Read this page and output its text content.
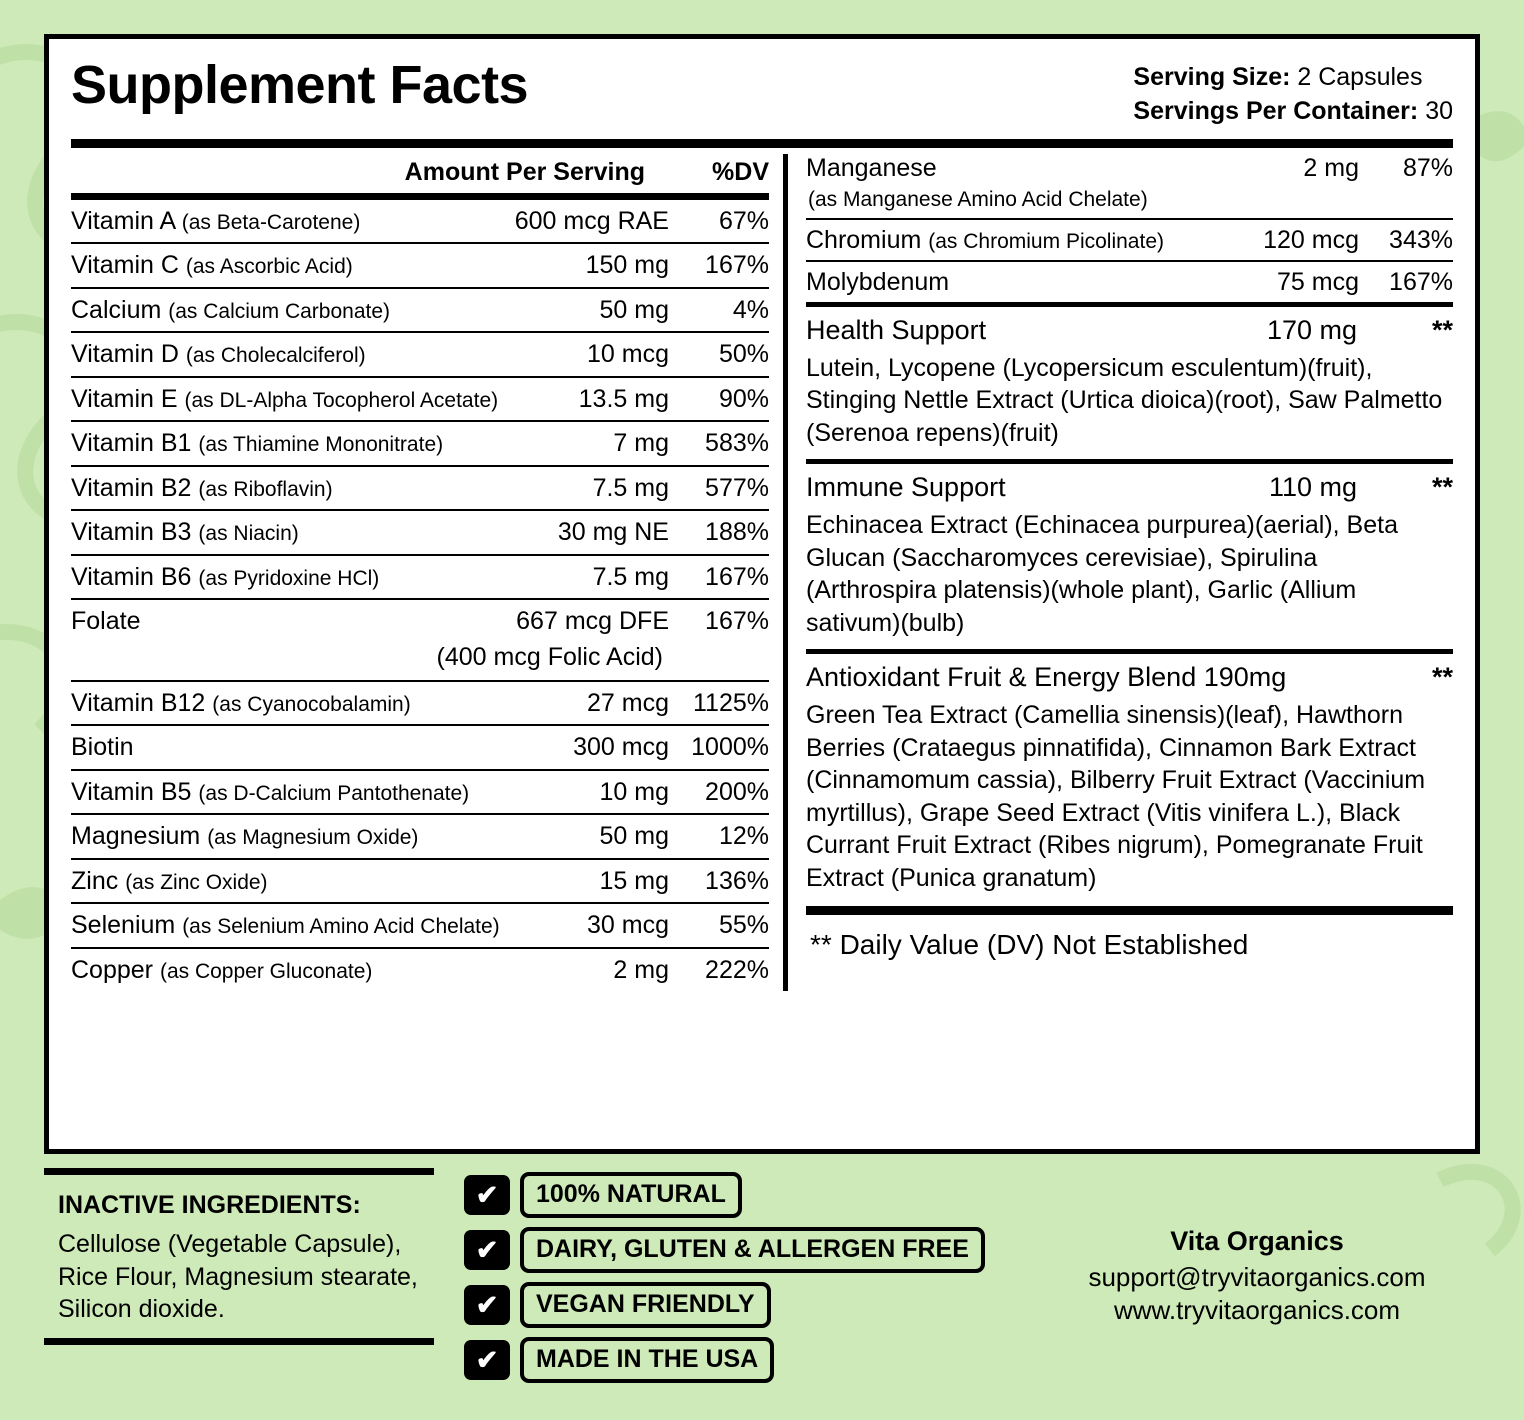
Supplement Facts	Serving Size: 2 Capsules
Servings Per Container: 30
Amount Per Serving	%DV
Vitamin A (as Beta-Carotene)	600 mcg RAE	67%
Vitamin C (as Ascorbic Acid)	150 mg	167%
Calcium (as Calcium Carbonate)	50 mg	4%
Vitamin D (as Cholecalciferol)	10 mcg	50%
Vitamin E (as DL-Alpha Tocopherol Acetate)	13.5 mg	90%
Vitamin B1 (as Thiamine Mononitrate)	7 mg	583%
Vitamin B2 (as Riboflavin)	7.5 mg	577%
Vitamin B3 (as Niacin)	30 mg NE	188%
Vitamin B6 (as Pyridoxine HCl)	7.5 mg	167%
Folate	667 mcg DFE	167%
(400 mcg Folic Acid)
Vitamin B12 (as Cyanocobalamin)	27 mcg 1125%
Biotin	300 mcg 1000%
Vitamin B5 (as D-Calcium Pantothenate)	10 mg	200%
Magnesium (as Magnesium Oxide)	50 mg	12%
Zinc (as Zinc Oxide)	15 mg	136%
Selenium (as Selenium Amino Acid Chelate)	30 mcg	55%
Copper (as Copper Gluconate)	2 mg	222%
Manganese	2 mg	87%
(as Manganese Amino Acid Chelate)
Chromium (as Chromium Picolinate)	120 mcg	343%
Molybdenum	75 mcg	167%
Health Support	170 mg	**
Lutein, Lycopene (Lycopersicum esculentum)(fruit), Stinging Nettle Extract (Urtica dioica)(root), Saw Palmetto (Serenoa repens)(fruit)
Immune Support	110 mg	**
Echinacea Extract (Echinacea purpurea)(aerial), Beta Glucan (Saccharomyces cerevisiae), Spirulina (Arthrospira platensis)(whole plant), Garlic (Allium sativum)(bulb)
Antioxidant Fruit & Energy Blend 190mg	**
Green Tea Extract (Camellia sinensis)(leaf), Hawthorn Berries (Crataegus pinnatifida), Cinnamon Bark Extract (Cinnamomum cassia), Bilberry Fruit Extract (Vaccinium myrtillus), Grape Seed Extract (Vitis vinifera L.), Black Currant Fruit Extract (Ribes nigrum), Pomegranate Fruit Extract (Punica granatum)
** Daily Value (DV) Not Established
INACTIVE INGREDIENTS:
Cellulose (Vegetable Capsule), Rice Flour, Magnesium stearate, Silicon dioxide.
✔	100% NATURAL
✔	DAIRY, GLUTEN & ALLERGEN FREE
✔	VEGAN FRIENDLY
✔	MADE IN THE USA
Vita Organics
support@tryvitaorganics.com
www.tryvitaorganics.com
